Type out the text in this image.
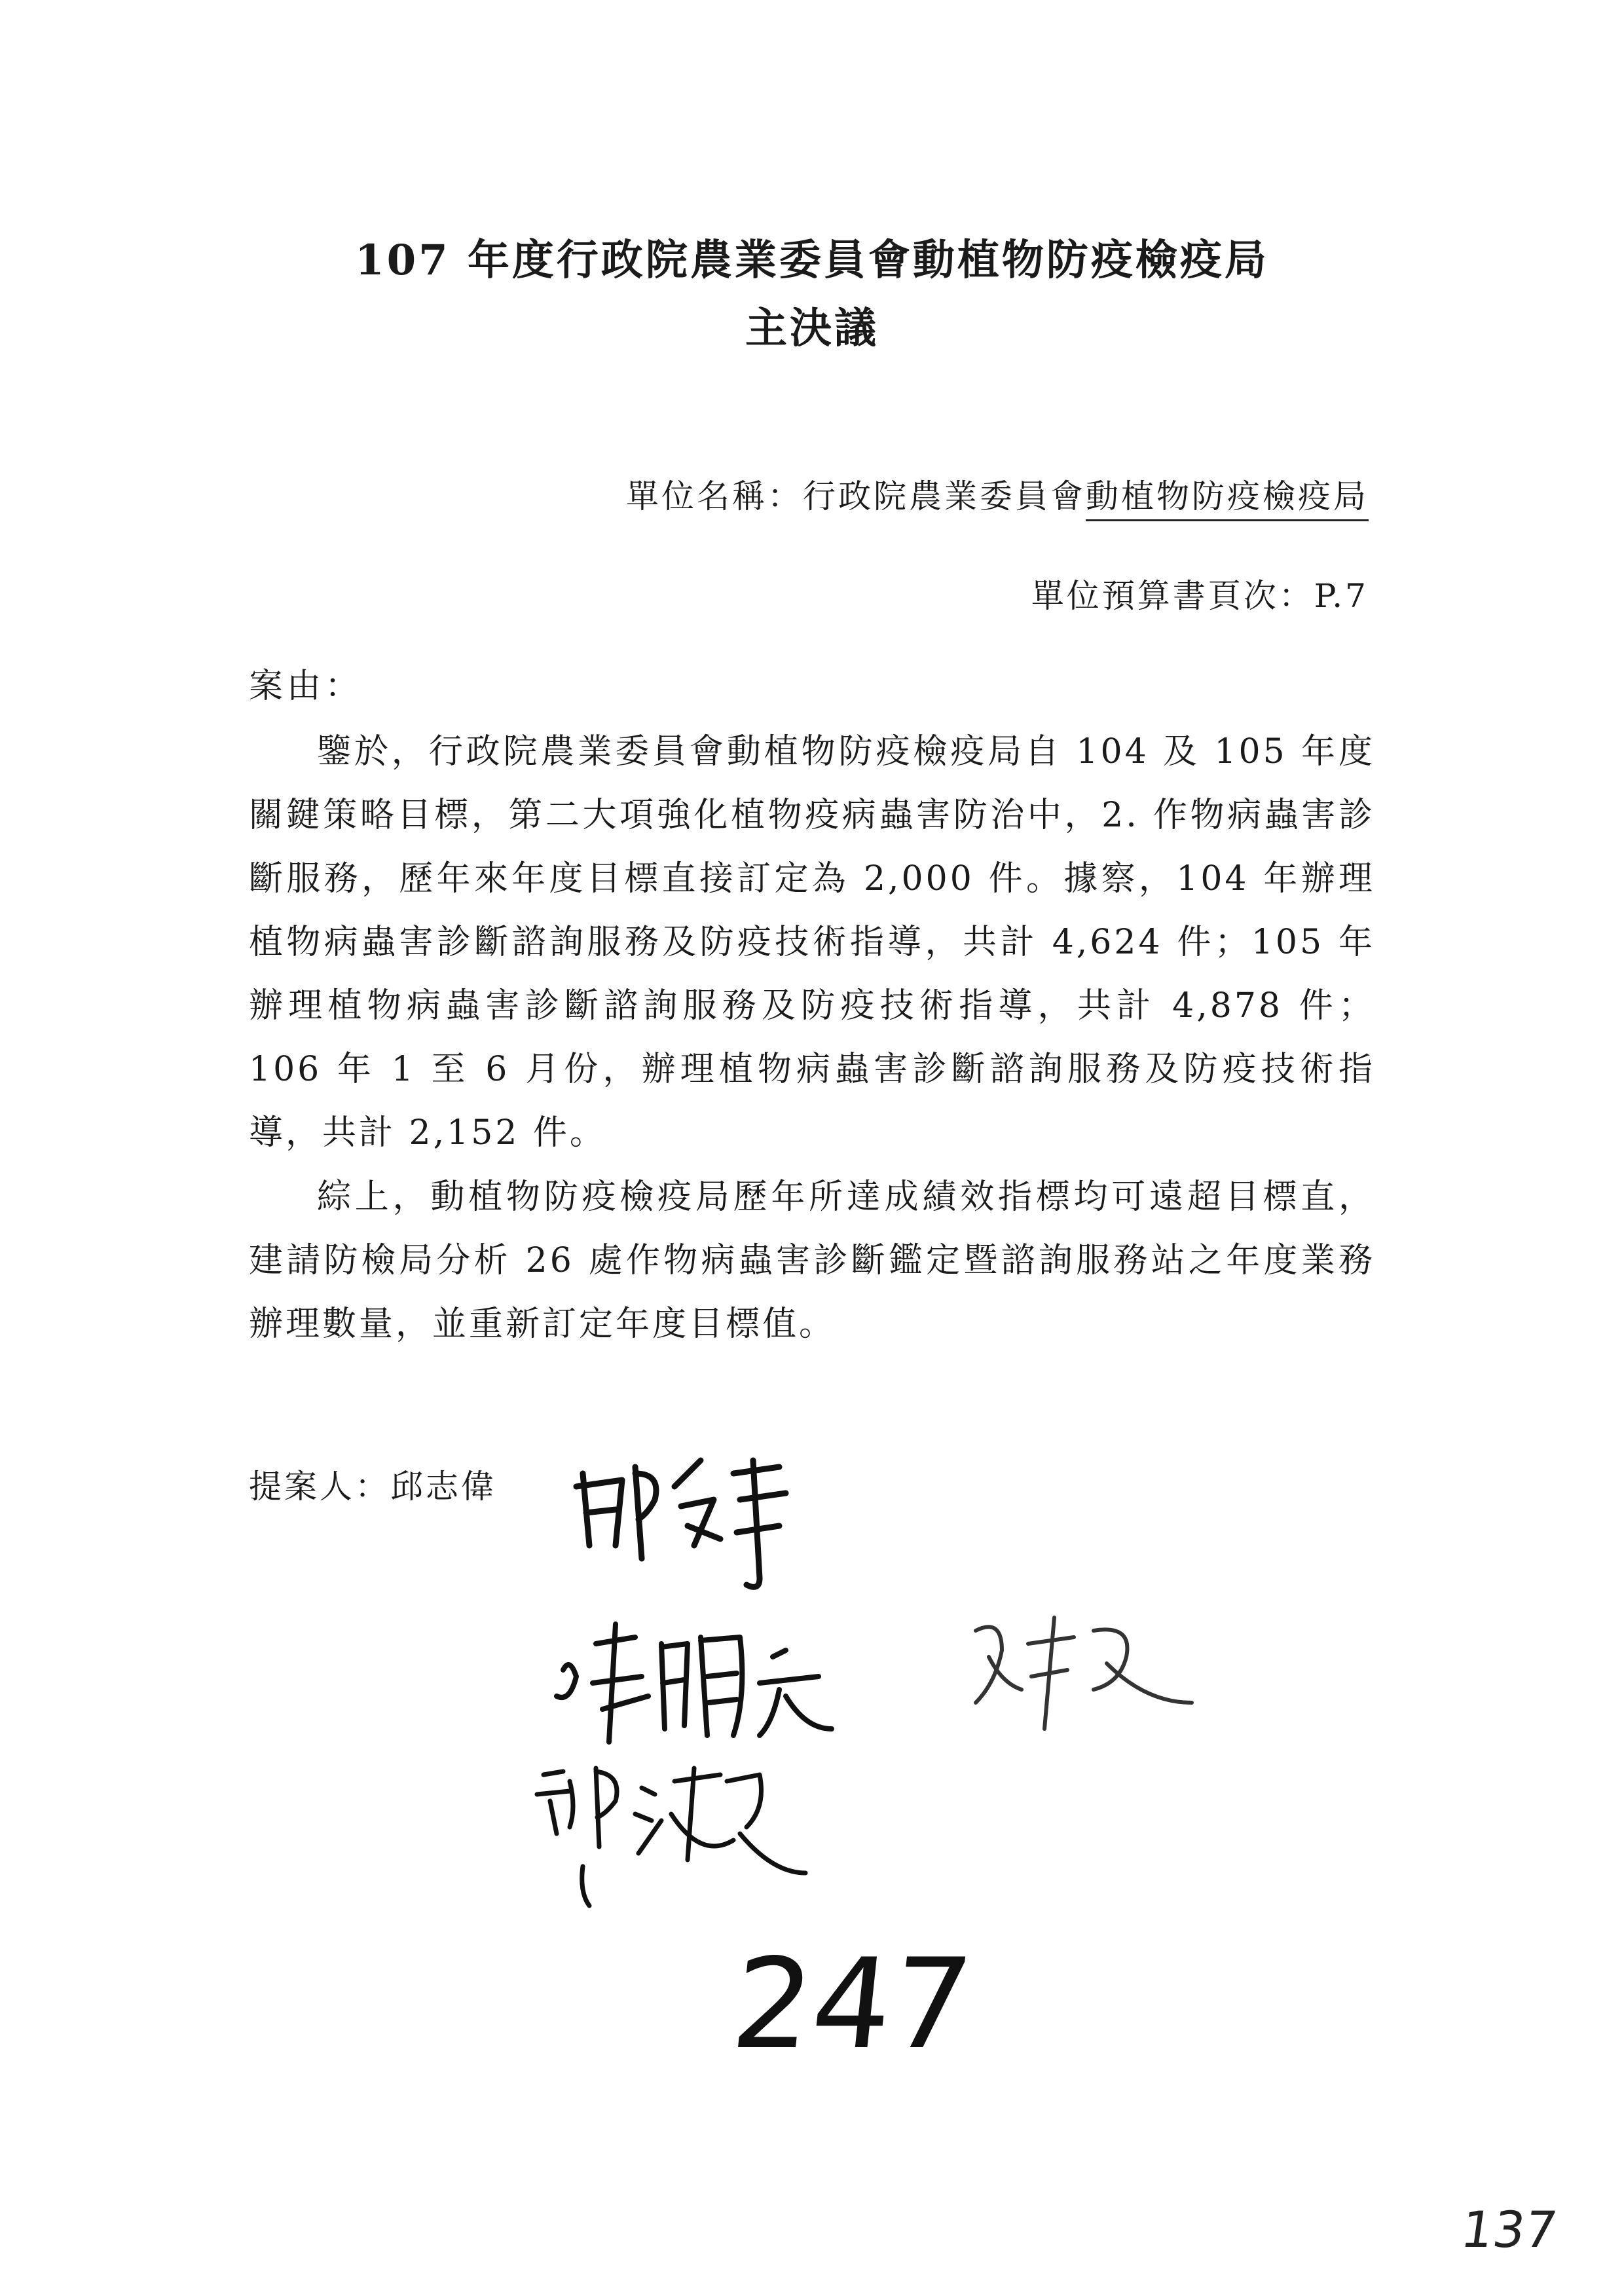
107 年度行政院農業委員會動植物防疫檢疫局
主決議
單位名稱：行政院農業委員會動植物防疫檢疫局
單位預算書頁次：P.7
案由：

鑒於，行政院農業委員會動植物防疫檢疫局自 104 及 105 年度關鍵策略目標，第二大項強化植物疫病蟲害防治中，2. 作物病蟲害診斷服務，歷年來年度目標直接訂定為 2,000 件。據察，104 年辦理植物病蟲害診斷諮詢服務及防疫技術指導，共計 4,624 件；105 年辦理植物病蟲害診斷諮詢服務及防疫技術指導，共計 4,878 件；106 年 1 至 6 月份，辦理植物病蟲害診斷諮詢服務及防疫技術指導，共計 2,152 件。

綜上，動植物防疫檢疫局歷年所達成績效指標均可遠超目標直，建請防檢局分析 26 處作物病蟲害診斷鑑定暨諮詢服務站之年度業務辦理數量，並重新訂定年度目標值。

提案人：邱志偉
247
137
